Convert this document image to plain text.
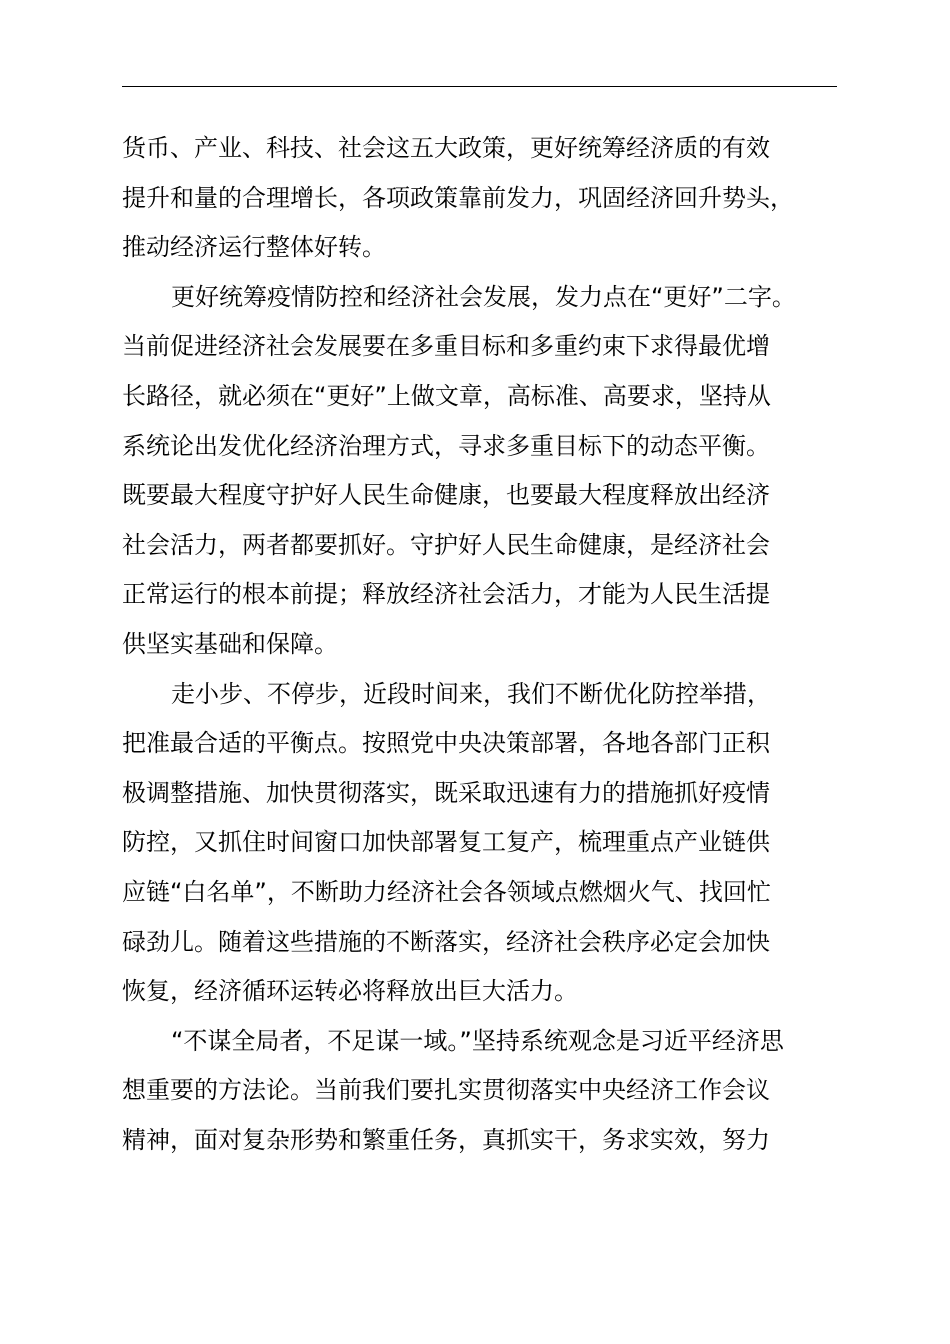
货币、产业、科技、社会这五大政策，更好统筹经济质的有效
提升和量的合理增长，各项政策靠前发力，巩固经济回升势头，
推动经济运行整体好转。
更好统筹疫情防控和经济社会发展，发力点在“更好”二字。
当前促进经济社会发展要在多重目标和多重约束下求得最优增
长路径，就必须在“更好”上做文章，高标准、高要求，坚持从
系统论出发优化经济治理方式，寻求多重目标下的动态平衡。
既要最大程度守护好人民生命健康，也要最大程度释放出经济
社会活力，两者都要抓好。守护好人民生命健康，是经济社会
正常运行的根本前提；释放经济社会活力，才能为人民生活提
供坚实基础和保障。
走小步、不停步，近段时间来，我们不断优化防控举措，
把准最合适的平衡点。按照党中央决策部署，各地各部门正积
极调整措施、加快贯彻落实，既采取迅速有力的措施抓好疫情
防控，又抓住时间窗口加快部署复工复产，梳理重点产业链供
应链“白名单”，不断助力经济社会各领域点燃烟火气、找回忙
碌劲儿。随着这些措施的不断落实，经济社会秩序必定会加快
恢复，经济循环运转必将释放出巨大活力。
“不谋全局者，不足谋一域。”坚持系统观念是习近平经济思
想重要的方法论。当前我们要扎实贯彻落实中央经济工作会议
精神，面对复杂形势和繁重任务，真抓实干，务求实效，努力
